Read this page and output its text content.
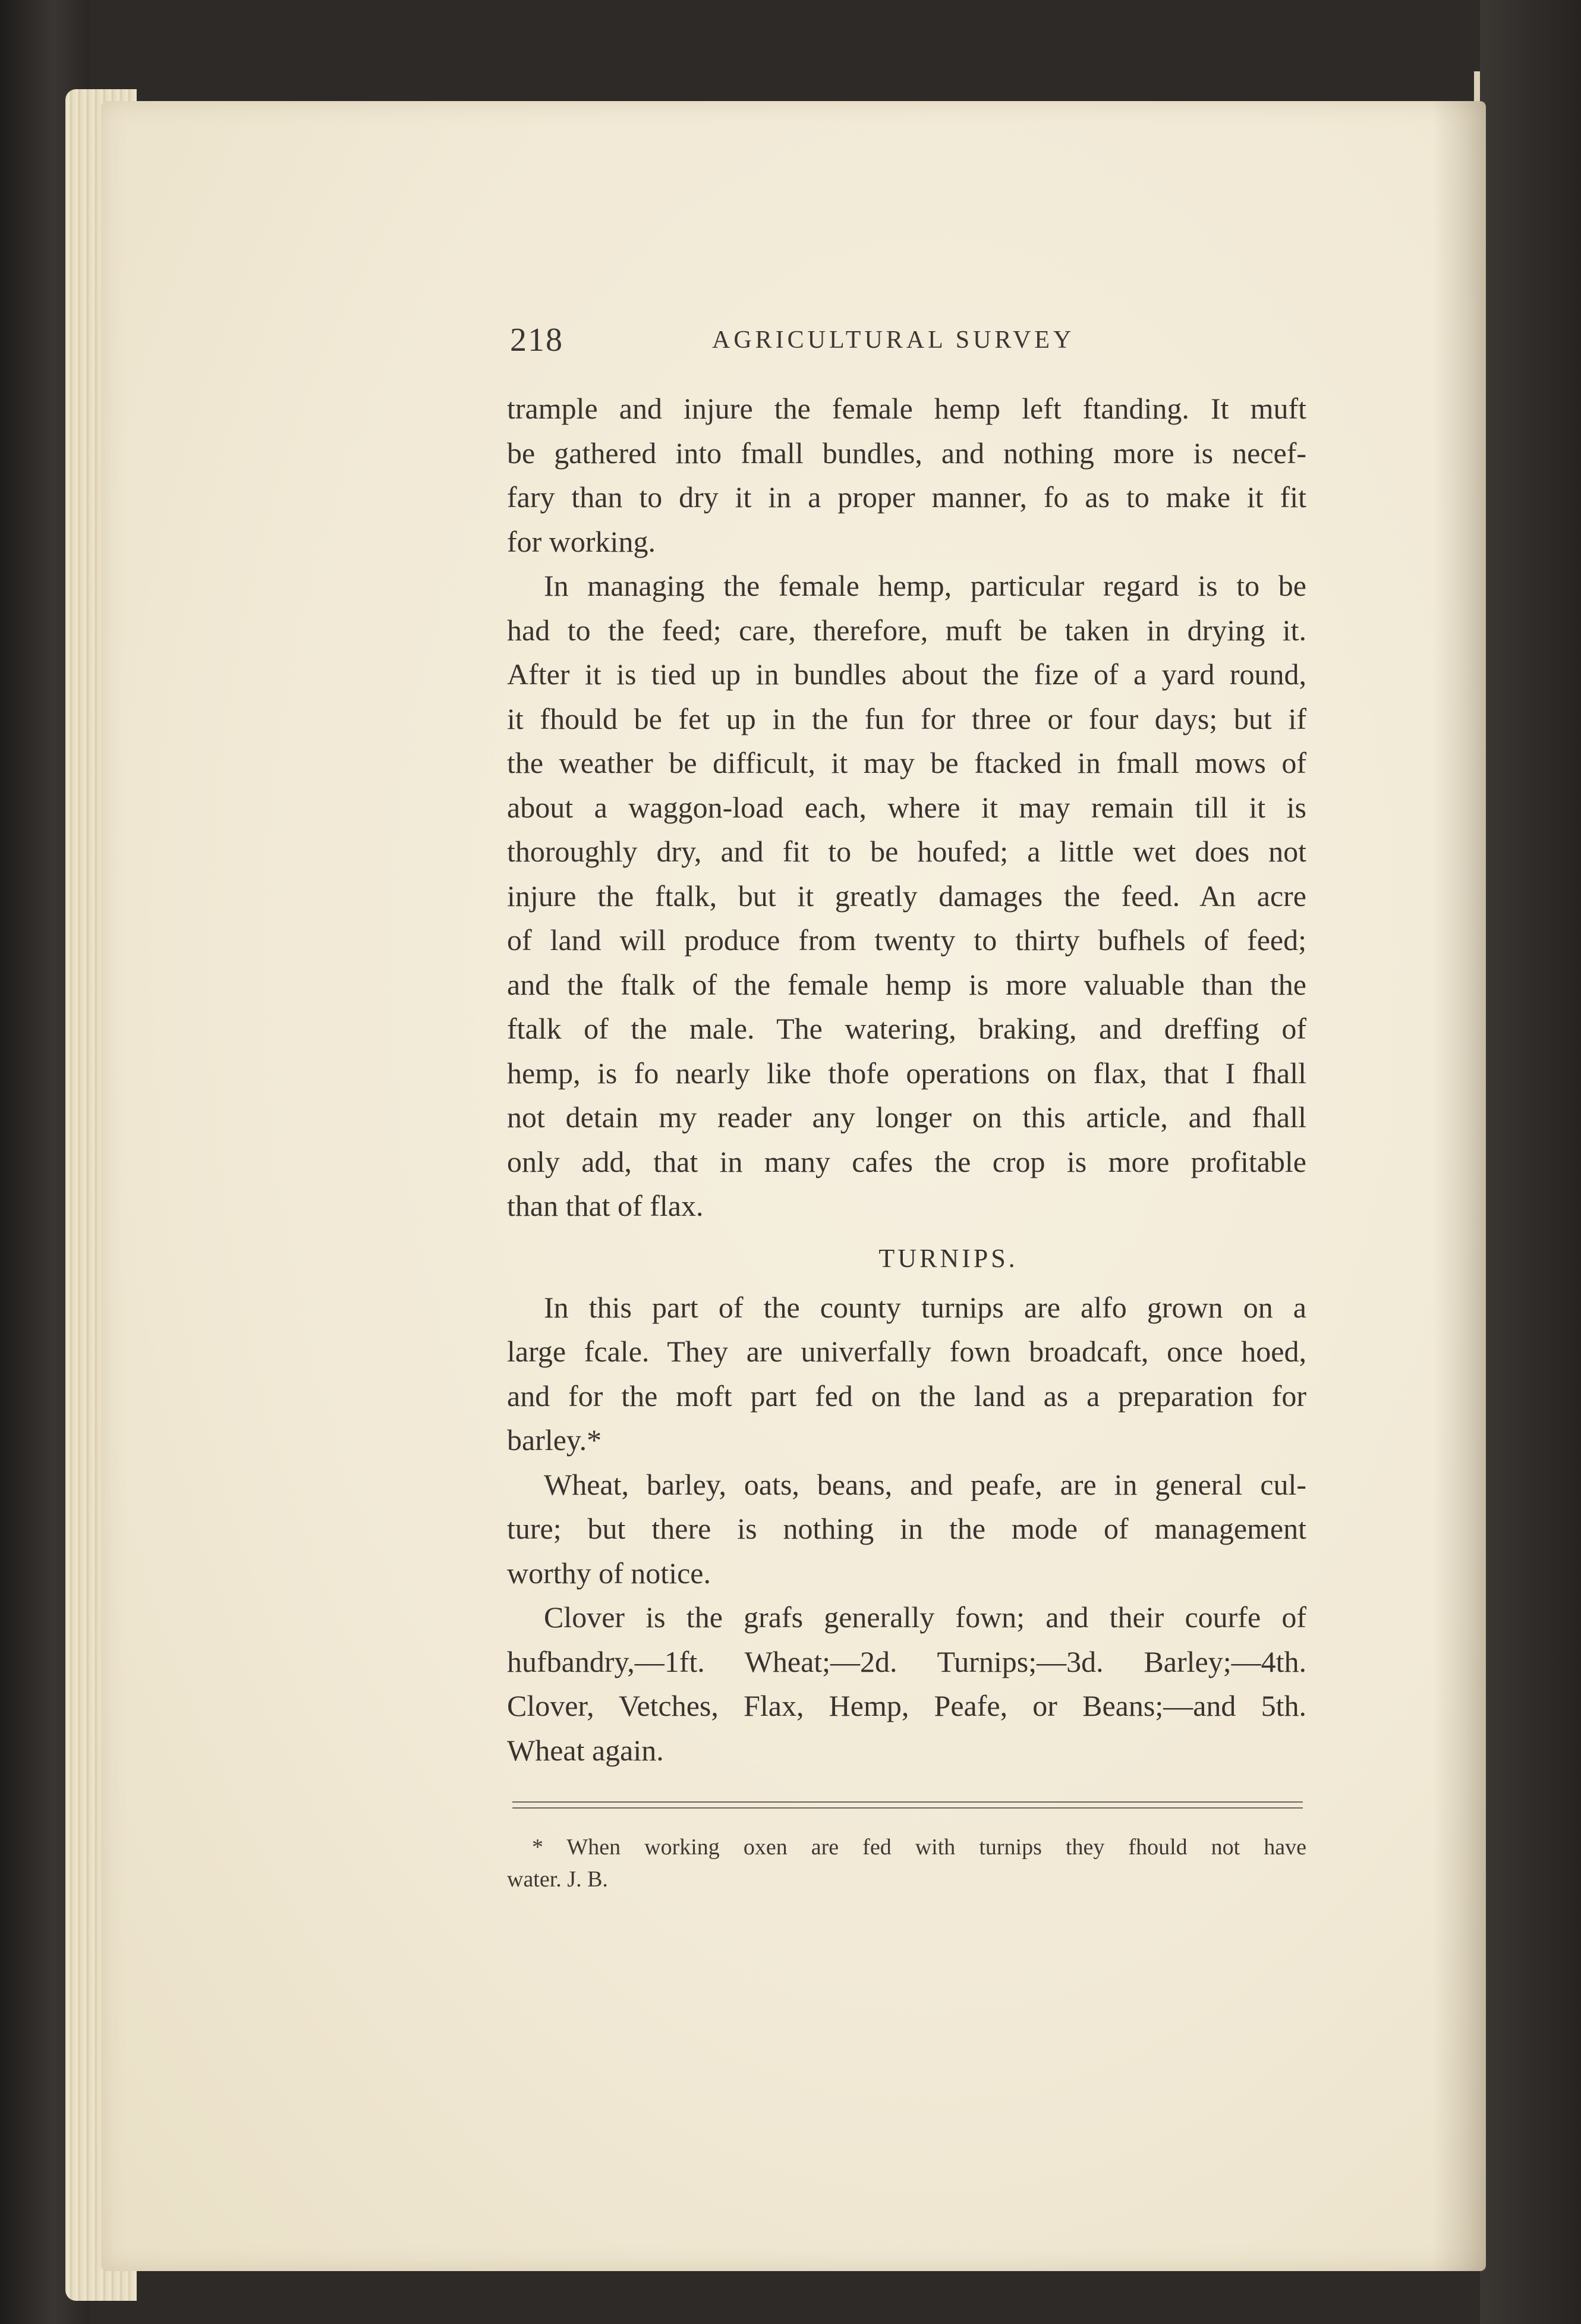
218	AGRICULTURAL SURVEY
trample and injure the female hemp left ftanding. It muft
be gathered into fmall bundles, and nothing more is necef-
fary than to dry it in a proper manner, fo as to make it fit
for working.
In managing the female hemp, particular regard is to be
had to the feed; care, therefore, muft be taken in drying it.
After it is tied up in bundles about the fize of a yard round,
it fhould be fet up in the fun for three or four days; but if
the weather be difficult, it may be ftacked in fmall mows of
about a waggon-load each, where it may remain till it is
thoroughly dry, and fit to be houfed; a little wet does not
injure the ftalk, but it greatly damages the feed. An acre
of land will produce from twenty to thirty bufhels of feed;
and the ftalk of the female hemp is more valuable than the
ftalk of the male. The watering, braking, and dreffing of
hemp, is fo nearly like thofe operations on flax, that I fhall
not detain my reader any longer on this article, and fhall
only add, that in many cafes the crop is more profitable
than that of flax.
TURNIPS.
In this part of the county turnips are alfo grown on a
large fcale. They are univerfally fown broadcaft, once hoed,
and for the moft part fed on the land as a preparation for
barley.*
Wheat, barley, oats, beans, and peafe, are in general cul-
ture; but there is nothing in the mode of management
worthy of notice.
Clover is the grafs generally fown; and their courfe of
hufbandry,—1ft. Wheat;—2d. Turnips;—3d. Barley;—4th.
Clover, Vetches, Flax, Hemp, Peafe, or Beans;—and 5th.
Wheat again.
* When working oxen are fed with turnips they fhould not have
water. J. B.
